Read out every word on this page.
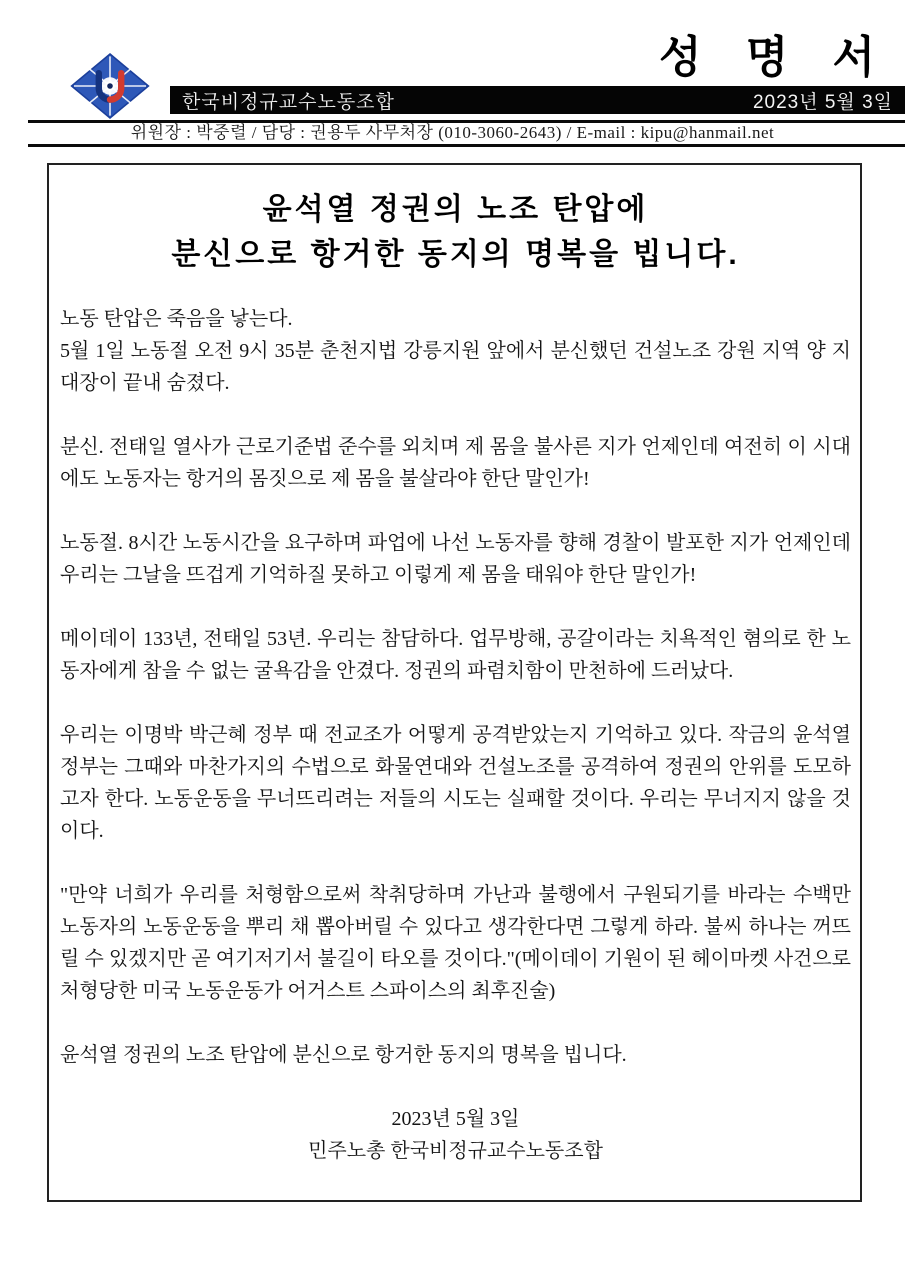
성 명 서
한국비정규교수노동조합	2023년 5월 3일
위원장 : 박중렬 / 담당 : 권용두 사무처장 (010-3060-2643) / E-mail : kipu@hanmail.net
윤석열 정권의 노조 탄압에
분신으로 항거한 동지의 명복을 빕니다.

노동 탄압은 죽음을 낳는다.

5월 1일 노동절 오전 9시 35분 춘천지법 강릉지원 앞에서 분신했던 건설노조 강원 지역 양 지대장이 끝내 숨졌다.

분신. 전태일 열사가 근로기준법 준수를 외치며 제 몸을 불사른 지가 언제인데 여전히 이 시대에도 노동자는 항거의 몸짓으로 제 몸을 불살라야 한단 말인가!

노동절. 8시간 노동시간을 요구하며 파업에 나선 노동자를 향해 경찰이 발포한 지가 언제인데 우리는 그날을 뜨겁게 기억하질 못하고 이렇게 제 몸을 태워야 한단 말인가!

메이데이 133년, 전태일 53년. 우리는 참담하다. 업무방해, 공갈이라는 치욕적인 혐의로 한 노동자에게 참을 수 없는 굴욕감을 안겼다. 정권의 파렴치함이 만천하에 드러났다.

우리는 이명박 박근혜 정부 때 전교조가 어떻게 공격받았는지 기억하고 있다. 작금의 윤석열 정부는 그때와 마찬가지의 수법으로 화물연대와 건설노조를 공격하여 정권의 안위를 도모하고자 한다. 노동운동을 무너뜨리려는 저들의 시도는 실패할 것이다. 우리는 무너지지 않을 것이다.

"만약 너희가 우리를 처형함으로써 착취당하며 가난과 불행에서 구원되기를 바라는 수백만 노동자의 노동운동을 뿌리 채 뽑아버릴 수 있다고 생각한다면 그렇게 하라. 불씨 하나는 꺼뜨릴 수 있겠지만 곧 여기저기서 불길이 타오를 것이다."(메이데이 기원이 된 헤이마켓 사건으로 처형당한 미국 노동운동가 어거스트 스파이스의 최후진술)

윤석열 정권의 노조 탄압에 분신으로 항거한 동지의 명복을 빕니다.

2023년 5월 3일
민주노총 한국비정규교수노동조합
